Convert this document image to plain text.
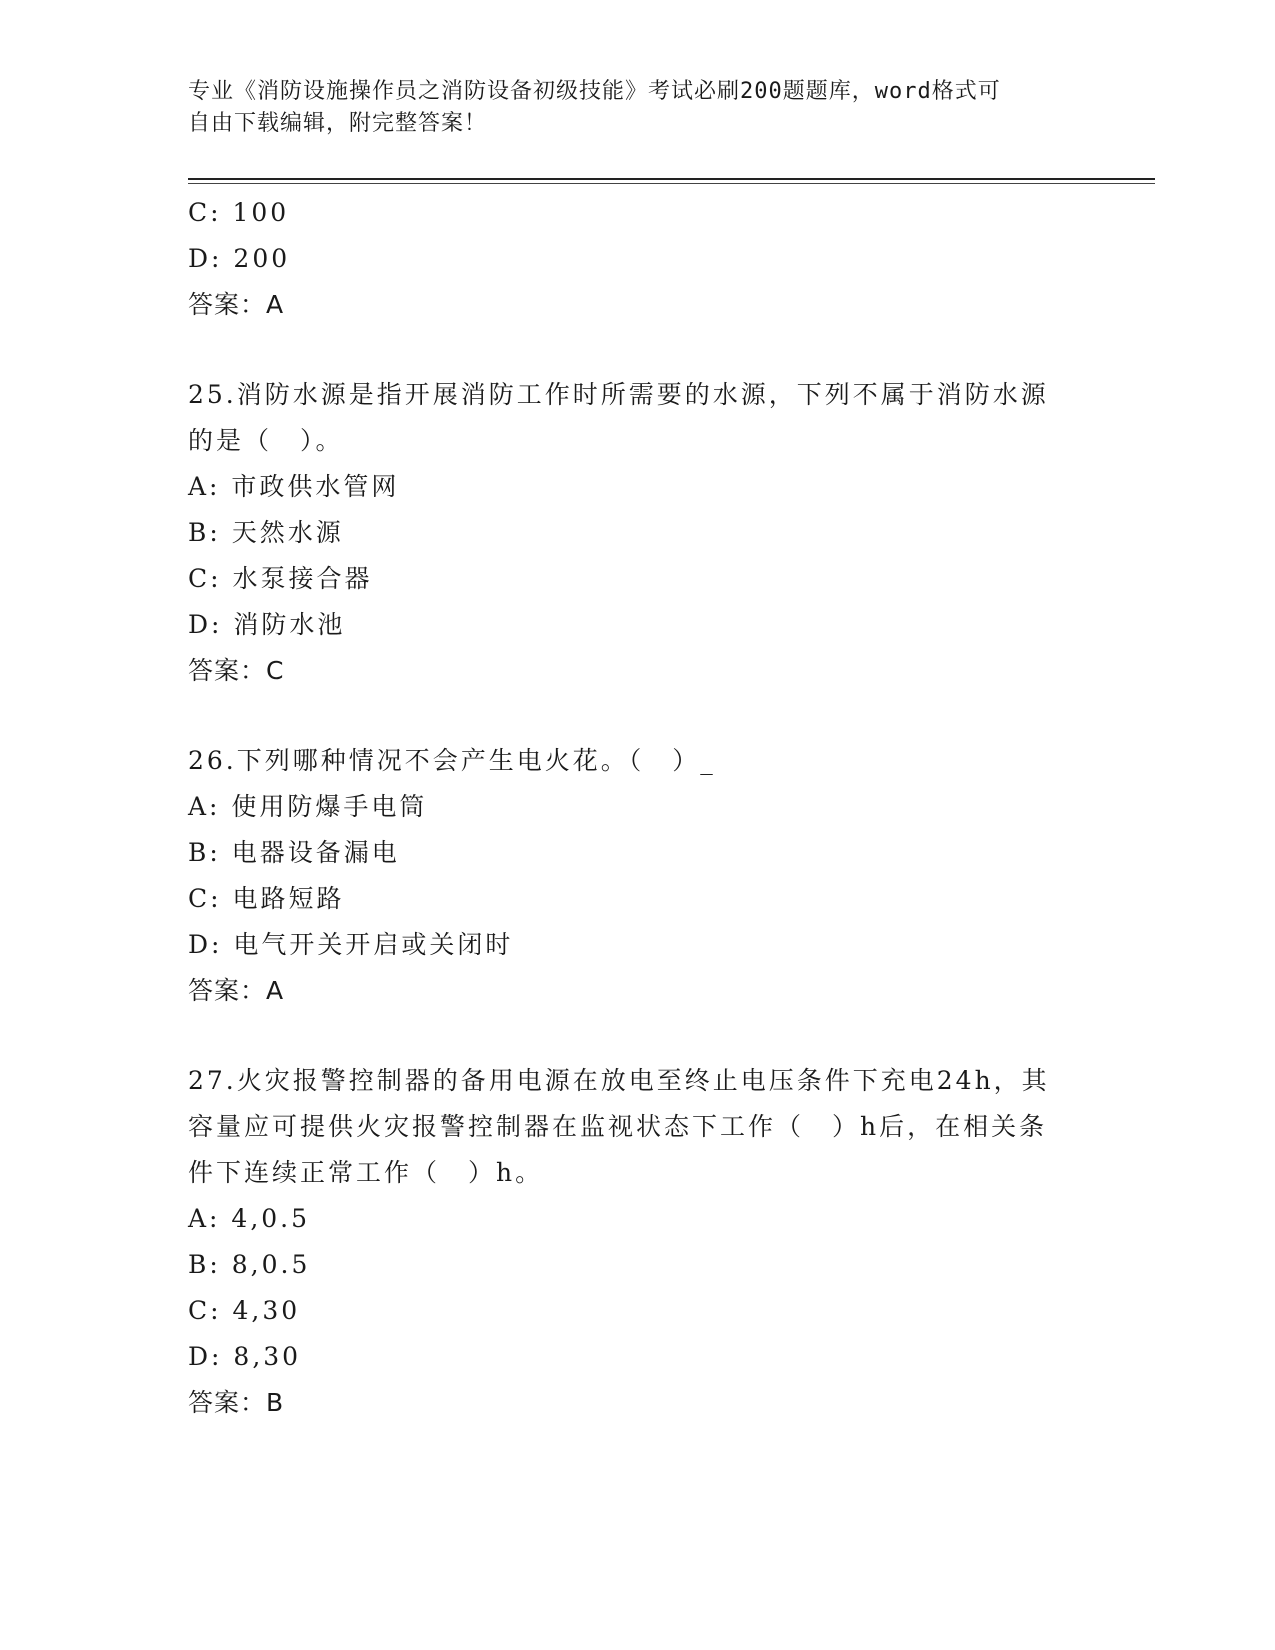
专业《消防设施操作员之消防设备初级技能》考试必刷200题题库，word格式可
自由下载编辑，附完整答案！
C: 100
D: 200
答案：A
25.消防水源是指开展消防工作时所需要的水源，下列不属于消防水源
的是（　）。
A: 市政供水管网
B: 天然水源
C: 水泵接合器
D: 消防水池
答案：C
26.下列哪种情况不会产生电火花。（　）_
A: 使用防爆手电筒
B: 电器设备漏电
C: 电路短路
D: 电气开关开启或关闭时
答案：A
27.火灾报警控制器的备用电源在放电至终止电压条件下充电24h，其
容量应可提供火灾报警控制器在监视状态下工作（　）h后，在相关条
件下连续正常工作（　）h。
A: 4,0.5
B: 8,0.5
C: 4,30
D: 8,30
答案：B
